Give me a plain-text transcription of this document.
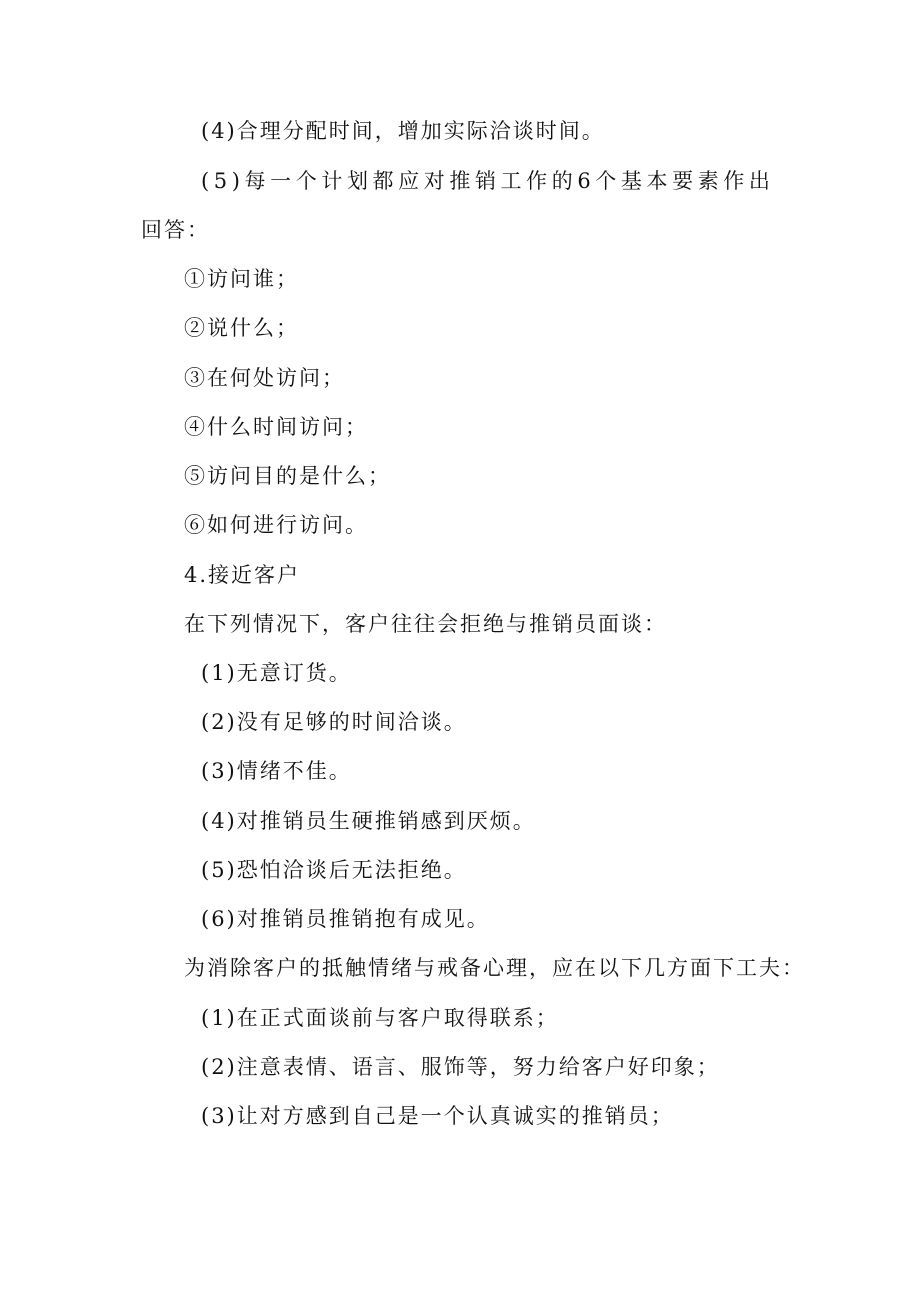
(4)合理分配时间，增加实际洽谈时间。
(5)每一个计划都应对推销工作的6个基本要素作出
回答：
①访问谁；
②说什么；
③在何处访问；
④什么时间访问；
⑤访问目的是什么；
⑥如何进行访问。
4.接近客户
在下列情况下，客户往往会拒绝与推销员面谈：
(1)无意订货。
(2)没有足够的时间洽谈。
(3)情绪不佳。
(4)对推销员生硬推销感到厌烦。
(5)恐怕洽谈后无法拒绝。
(6)对推销员推销抱有成见。
为消除客户的抵触情绪与戒备心理，应在以下几方面下工夫：
(1)在正式面谈前与客户取得联系；
(2)注意表情、语言、服饰等，努力给客户好印象；
(3)让对方感到自己是一个认真诚实的推销员；
